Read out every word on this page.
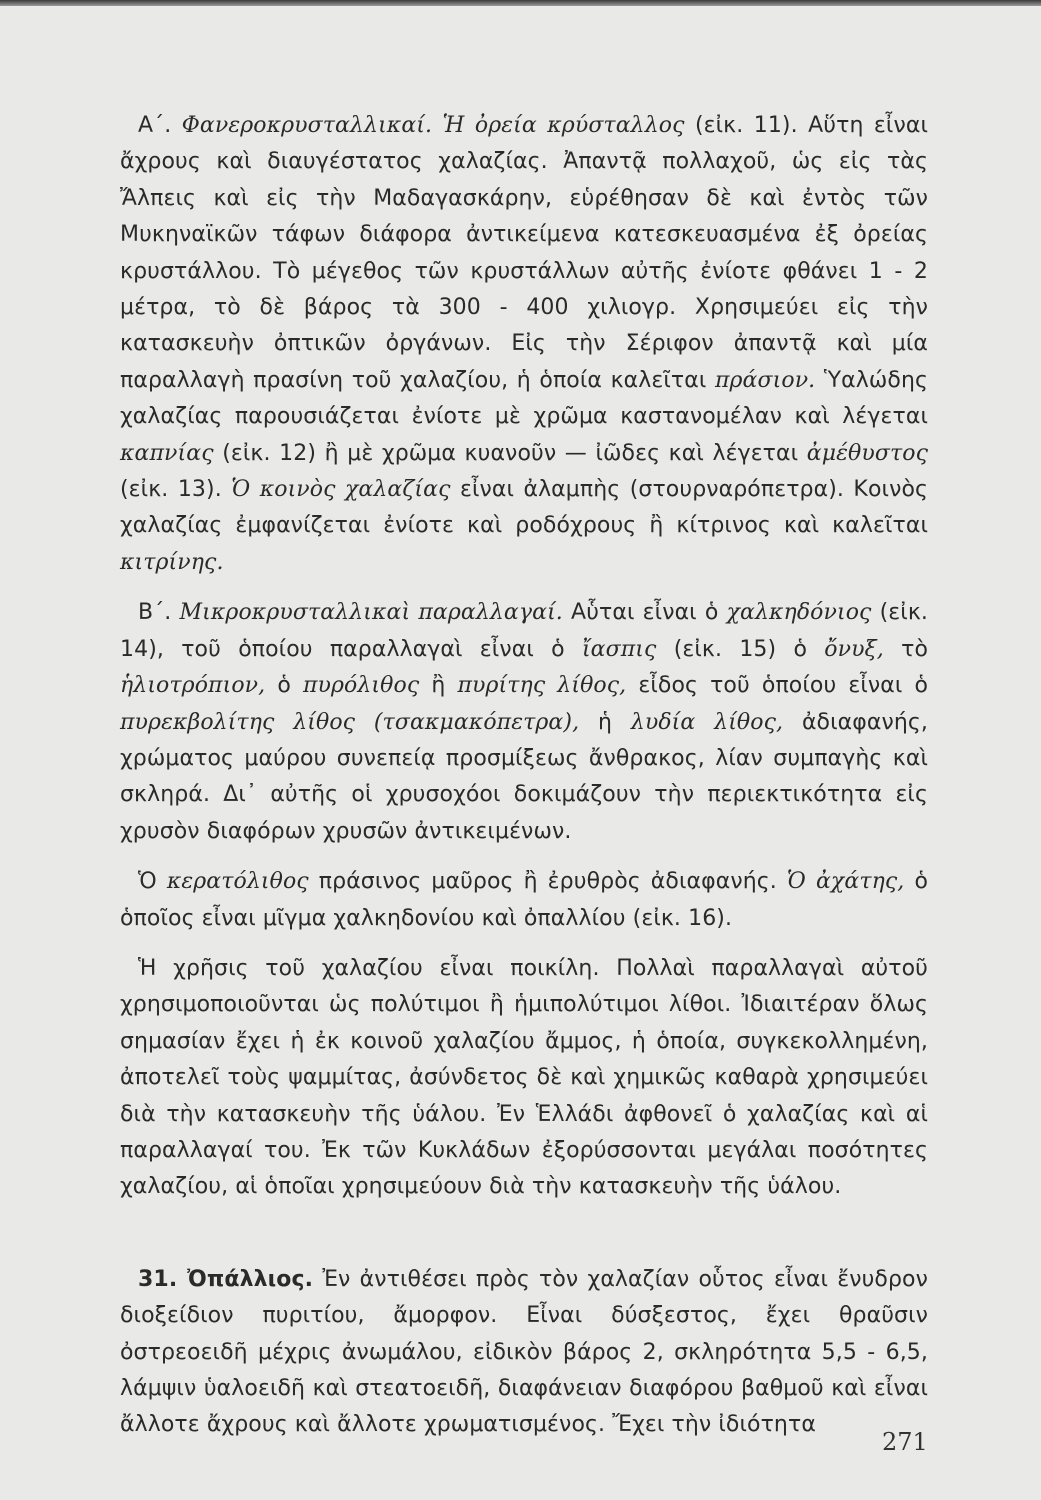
Α΄. Φανεροκρυσταλλικαί. Ἡ ὀρεία κρύσταλλος (εἰκ. 11). Αὕτη εἶναι ἄχρους καὶ διαυγέστατος χαλαζίας. Ἀπαντᾷ πολλαχοῦ, ὡς εἰς τὰς Ἄλπεις καὶ εἰς τὴν Μαδαγασκάρην, εὑρέθησαν δὲ καὶ ἐντὸς τῶν Μυκηναϊκῶν τάφων διάφορα ἀντικείμενα κατεσκευασμένα ἐξ ὀρείας κρυστάλλου. Τὸ μέγεθος τῶν κρυστάλλων αὐτῆς ἐνίοτε φθάνει 1 - 2 μέτρα, τὸ δὲ βάρος τὰ 300 - 400 χιλιογρ. Χρησιμεύει εἰς τὴν κατασκευὴν ὀπτικῶν ὀργάνων. Εἰς τὴν Σέριφον ἀπαντᾷ καὶ μία παραλλαγὴ πρασίνη τοῦ χαλαζίου, ἡ ὁποία καλεῖται πράσιον. Ὑαλώδης χαλαζίας παρουσιάζεται ἐνίοτε μὲ χρῶμα καστανομέλαν καὶ λέγεται καπνίας (εἰκ. 12) ἢ μὲ χρῶμα κυανοῦν — ἰῶδες καὶ λέγεται ἀμέθυστος (εἰκ. 13). Ὁ κοινὸς χαλαζίας εἶναι ἀλαμπὴς (στουρναρόπετρα). Κοινὸς χαλαζίας ἐμφανίζεται ἐνίοτε καὶ ροδόχρους ἢ κίτρινος καὶ καλεῖται κιτρίνης.

Β΄. Μικροκρυσταλλικαὶ παραλλαγαί. Αὗται εἶναι ὁ χαλκηδόνιος (εἰκ. 14), τοῦ ὁποίου παραλλαγαὶ εἶναι ὁ ἴασπις (εἰκ. 15) ὁ ὄνυξ, τὸ ἡλιοτρόπιον, ὁ πυρόλιθος ἢ πυρίτης λίθος, εἶδος τοῦ ὁποίου εἶναι ὁ πυρεκβολίτης λίθος (τσακμακόπετρα), ἡ λυδία λίθος, ἀδιαφανής, χρώματος μαύρου συνεπείᾳ προσμίξεως ἄνθρακος, λίαν συμπαγὴς καὶ σκληρά. Δι᾿ αὐτῆς οἱ χρυσοχόοι δοκιμάζουν τὴν περιεκτικότητα εἰς χρυσὸν διαφόρων χρυσῶν ἀντικειμένων.

Ὁ κερατόλιθος πράσινος μαῦρος ἢ ἐρυθρὸς ἀδιαφανής. Ὁ ἀχάτης, ὁ ὁποῖος εἶναι μῖγμα χαλκηδονίου καὶ ὀπαλλίου (εἰκ. 16).

Ἡ χρῆσις τοῦ χαλαζίου εἶναι ποικίλη. Πολλαὶ παραλλαγαὶ αὐτοῦ χρησιμοποιοῦνται ὡς πολύτιμοι ἢ ἡμιπολύτιμοι λίθοι. Ἰδιαιτέραν ὅλως σημασίαν ἔχει ἡ ἐκ κοινοῦ χαλαζίου ἄμμος, ἡ ὁποία, συγκεκολλημένη, ἀποτελεῖ τοὺς ψαμμίτας, ἀσύνδετος δὲ καὶ χημικῶς καθαρὰ χρησιμεύει διὰ τὴν κατασκευὴν τῆς ὑάλου. Ἐν Ἑλλάδι ἀφθονεῖ ὁ χαλαζίας καὶ αἱ παραλλαγαί του. Ἐκ τῶν Κυκλάδων ἐξορύσσονται μεγάλαι ποσότητες χαλαζίου, αἱ ὁποῖαι χρησιμεύουν διὰ τὴν κατασκευὴν τῆς ὑάλου.

31. Ὀπάλλιος. Ἐν ἀντιθέσει πρὸς τὸν χαλαζίαν οὗτος εἶναι ἔνυδρον διοξείδιον πυριτίου, ἄμορφον. Εἶναι δύσξεστος, ἔχει θραῦσιν ὀστρεοειδῆ μέχρις ἀνωμάλου, εἰδικὸν βάρος 2, σκληρότητα 5,5 - 6,5, λάμψιν ὑαλοειδῆ καὶ στεατοειδῆ, διαφάνειαν διαφόρου βαθμοῦ καὶ εἶναι ἄλλοτε ἄχρους καὶ ἄλλοτε χρωματισμένος. Ἔχει τὴν ἰδιότητα

271
